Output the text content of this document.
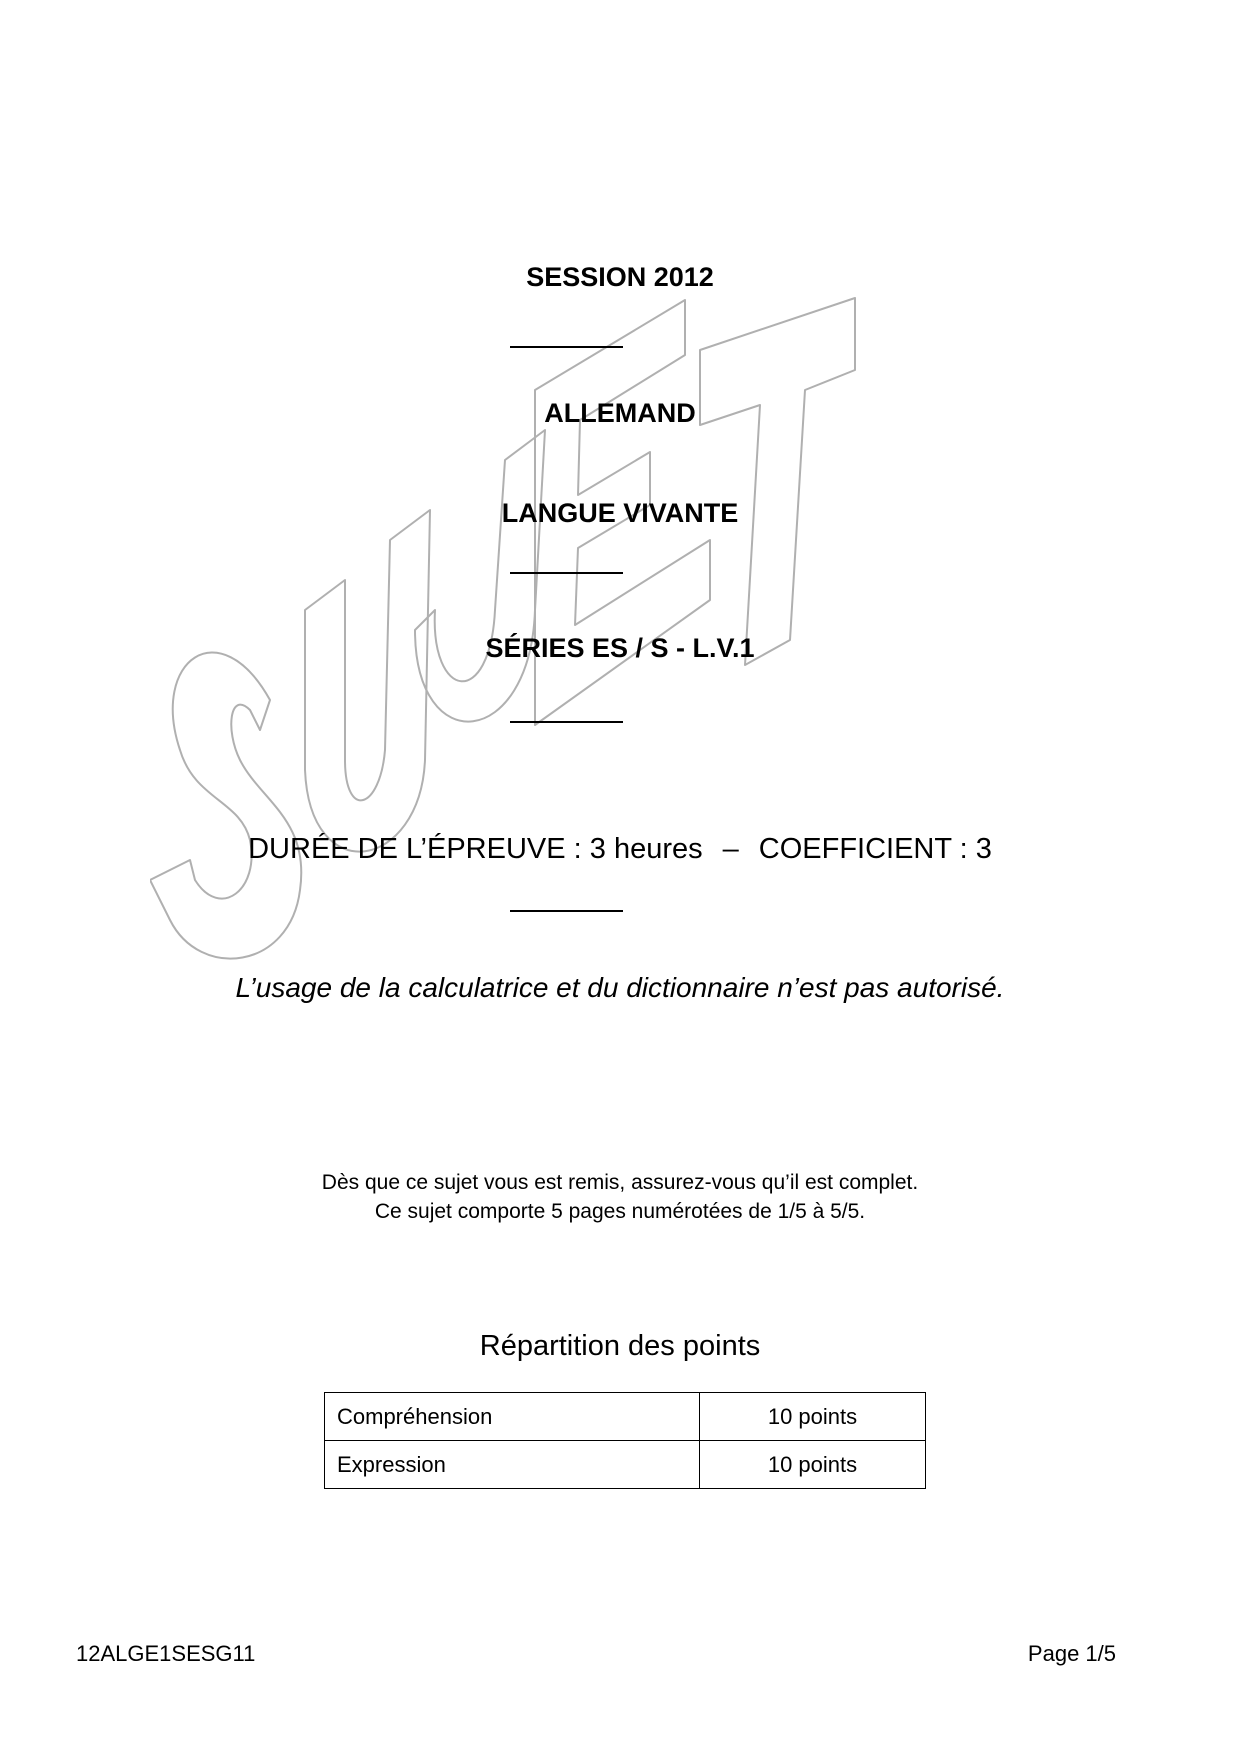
SESSION 2012
ALLEMAND
LANGUE VIVANTE
SÉRIES ES / S - L.V.1
DURÉE DE L’ÉPREUVE : 3 heures – COEFFICIENT : 3
L’usage de la calculatrice et du dictionnaire n’est pas autorisé.
Dès que ce sujet vous est remis, assurez-vous qu’il est complet.
Ce sujet comporte 5 pages numérotées de 1/5 à 5/5.
Répartition des points
Compréhension	10 points
Expression	10 points
12ALGE1SESG11	Page 1/5
